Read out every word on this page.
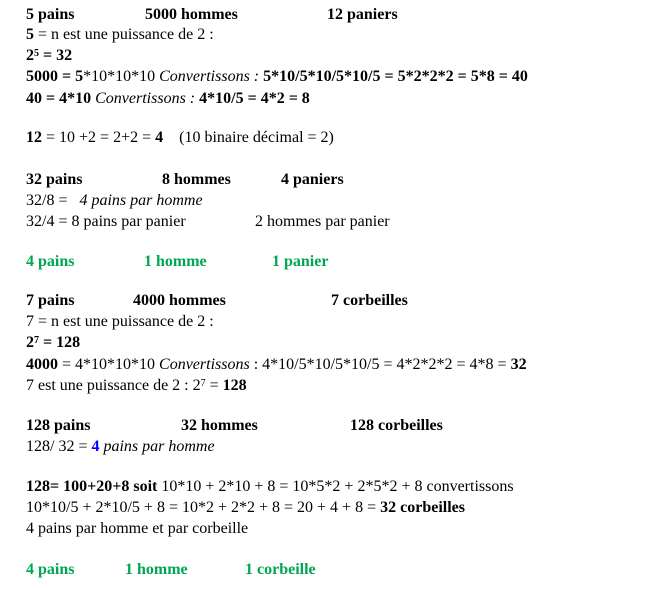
5 pains	5000 hommes	12 paniers
5 = n est une puissance de 2 :
$2^5 = 32$
5000 = 5*10*10*10 Convertissons : 5*10/5*10/5*10/5 = 5*2*2*2 = 5*8 = 40
40 = 4*10 Convertissons : 4*10/5 = 4*2 = 8
12 = 10 +2 = 2+2 = 4    (10 binaire décimal = 2)
32 pains	8 hommes	4 paniers
32/8 =   4 pains par homme
32/4 = 8 pains par panier	2 hommes par panier
4 pains	1 homme	1 panier
7 pains	4000 hommes	7 corbeilles
7 = n est une puissance de 2 :
$2^7 = 128$
4000 = 4*10*10*10 Convertissons : 4*10/5*10/5*10/5 = 4*2*2*2 = 4*8 = 32
7 est une puissance de 2 : $2^7 = 128$
128 pains	32 hommes	128 corbeilles
128/ 32 = 4 pains par homme
128= 100+20+8 soit 10*10 + 2*10 + 8 = 10*5*2 + 2*5*2 + 8 convertissons
10*10/5 + 2*10/5 + 8 = 10*2 + 2*2 + 8 = 20 + 4 + 8 = 32 corbeilles
4 pains par homme et par corbeille
4 pains	1 homme	1 corbeille
